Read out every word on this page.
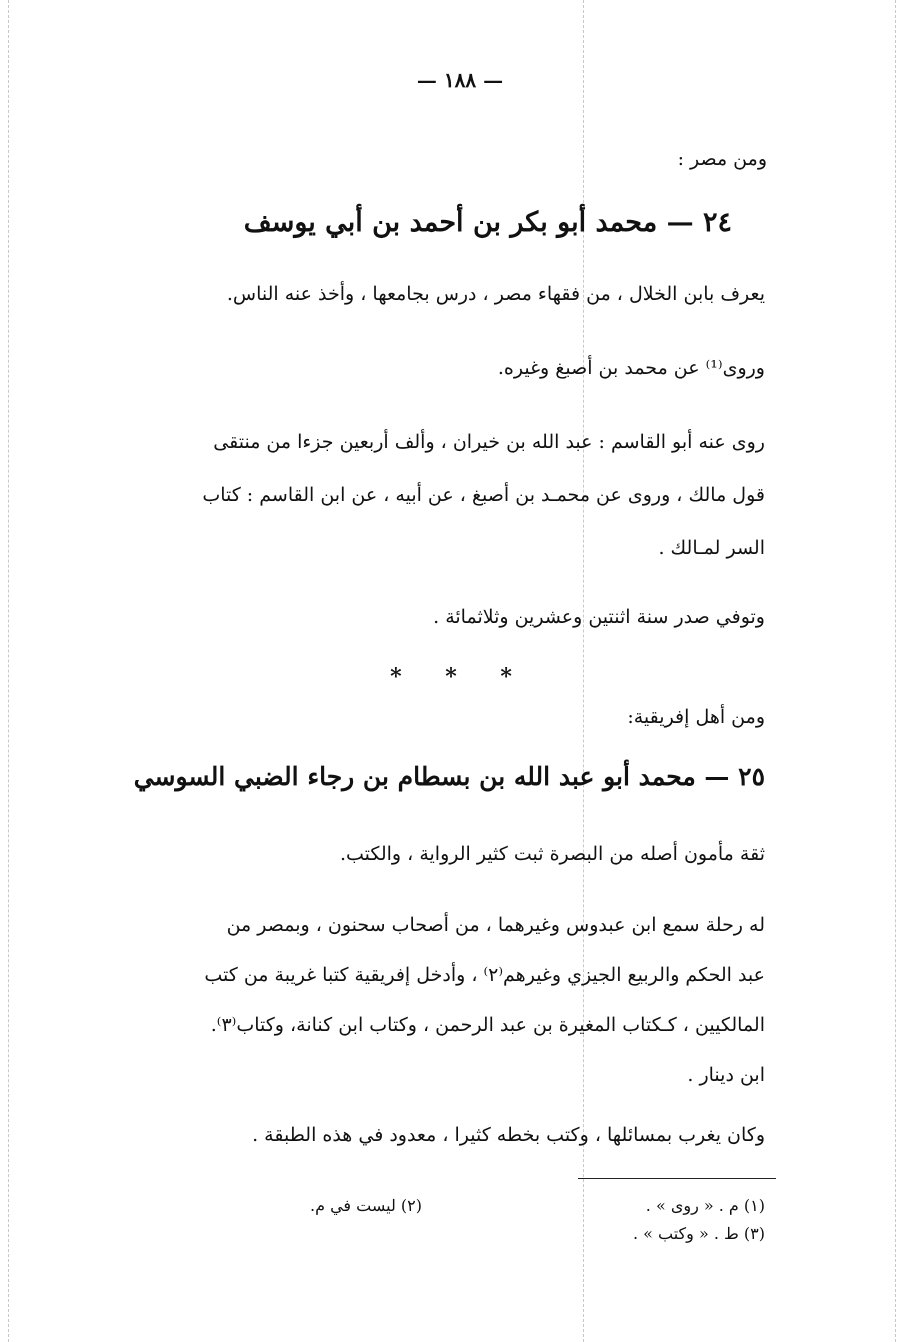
— ١٨٨ —
ومن مصر :
٢٤ — محمد أبو بكر بن أحمد بن أبي يوسف
يعرف بابن الخلال ، من فقهاء مصر ، درس بجامعها ، وأخذ عنه الناس.
وروى⁽¹⁾ عن محمد بن أصبغ وغيره.
روى عنه أبو القاسم : عبد الله بن خيران ، وألف أربعين جزءا من منتقى
قول مالك ، وروى عن محمـد بن أصبغ ، عن أبيه ، عن ابن القاسم : كتاب
السر لمـالك .
وتوفي صدر سنة اثنتين وعشرين وثلاثمائة .
* * *
ومن أهل إفريقية:
٢٥ — محمد أبو عبد الله بن بسطام بن رجاء الضبي السوسي
ثقة مأمون أصله من البصرة ثبت كثير الرواية ، والكتب.
له رحلة سمع ابن عبدوس وغيرهما ، من أصحاب سحنون ، وبمصر من
عبد الحكم والربيع الجيزي وغيرهم⁽٢⁾ ، وأدخل إفريقية كتبا غريبة من كتب
المالكيين ، كـكتاب المغيرة بن عبد الرحمن ، وكتاب ابن كنانة، وكتاب⁽٣⁾.
ابن دينار .
وكان يغرب بمسائلها ، وكتب بخطه كثيرا ، معدود في هذه الطبقة .
(١) م . « روى » .
(٢) ليست في م.
(٣) ط . « وكتب » .
